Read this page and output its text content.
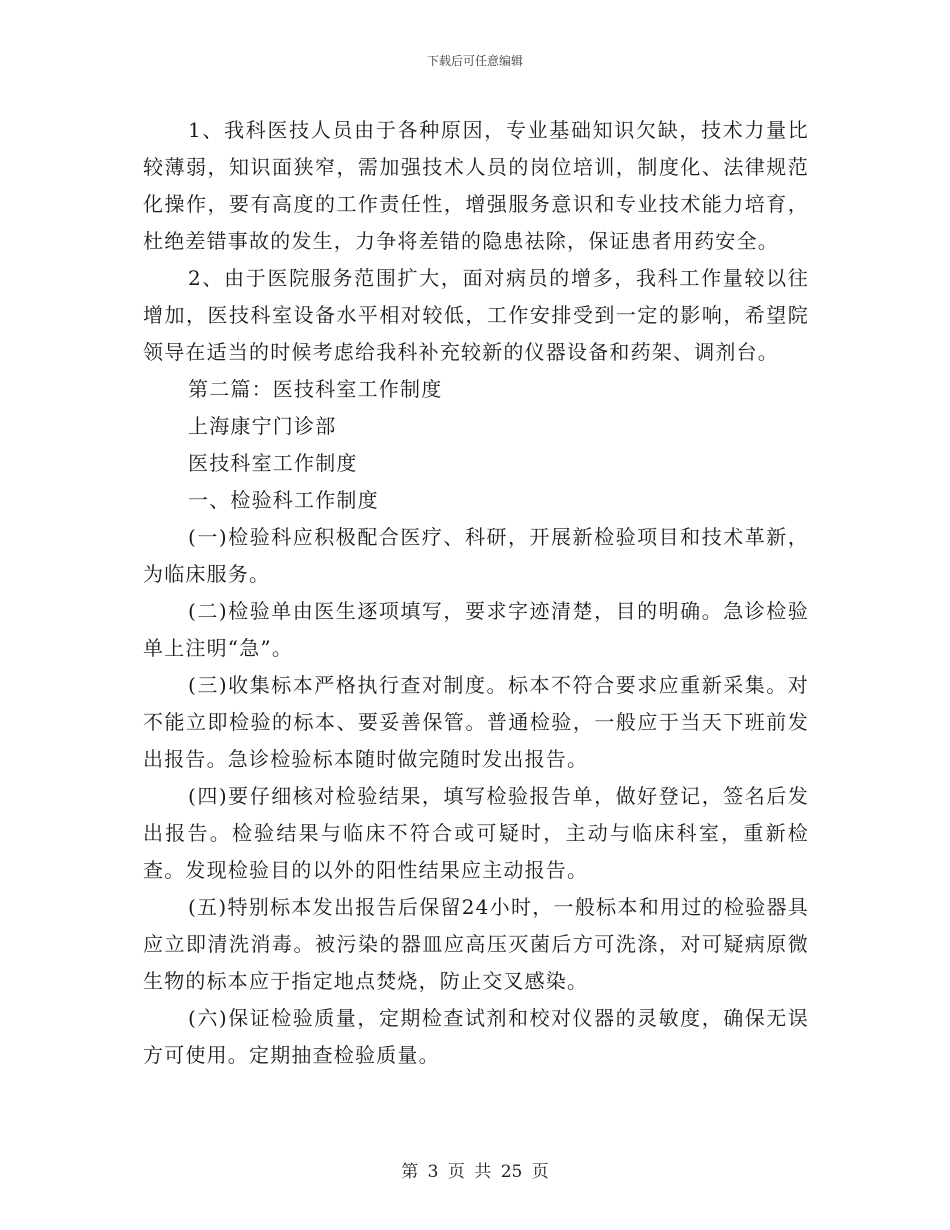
下载后可任意编辑

1、我科医技人员由于各种原因，专业基础知识欠缺，技术力量比较薄弱，知识面狭窄，需加强技术人员的岗位培训，制度化、法律规范化操作，要有高度的工作责任性，增强服务意识和专业技术能力培育，杜绝差错事故的发生，力争将差错的隐患祛除，保证患者用药安全。

2、由于医院服务范围扩大，面对病员的增多，我科工作量较以往增加，医技科室设备水平相对较低，工作安排受到一定的影响，希望院领导在适当的时候考虑给我科补充较新的仪器设备和药架、调剂台。

第二篇：医技科室工作制度

上海康宁门诊部

医技科室工作制度

一、检验科工作制度

(一)检验科应积极配合医疗、科研，开展新检验项目和技术革新，为临床服务。

(二)检验单由医生逐项填写，要求字迹清楚，目的明确。急诊检验单上注明“急”。

(三)收集标本严格执行查对制度。标本不符合要求应重新采集。对不能立即检验的标本、要妥善保管。普通检验，一般应于当天下班前发出报告。急诊检验标本随时做完随时发出报告。

(四)要仔细核对检验结果，填写检验报告单，做好登记，签名后发出报告。检验结果与临床不符合或可疑时，主动与临床科室，重新检查。发现检验目的以外的阳性结果应主动报告。

(五)特别标本发出报告后保留24小时，一般标本和用过的检验器具应立即清洗消毒。被污染的器皿应高压灭菌后方可洗涤，对可疑病原微生物的标本应于指定地点焚烧，防止交叉感染。

(六)保证检验质量，定期检查试剂和校对仪器的灵敏度，确保无误方可使用。定期抽查检验质量。

第 3 页 共 25 页
